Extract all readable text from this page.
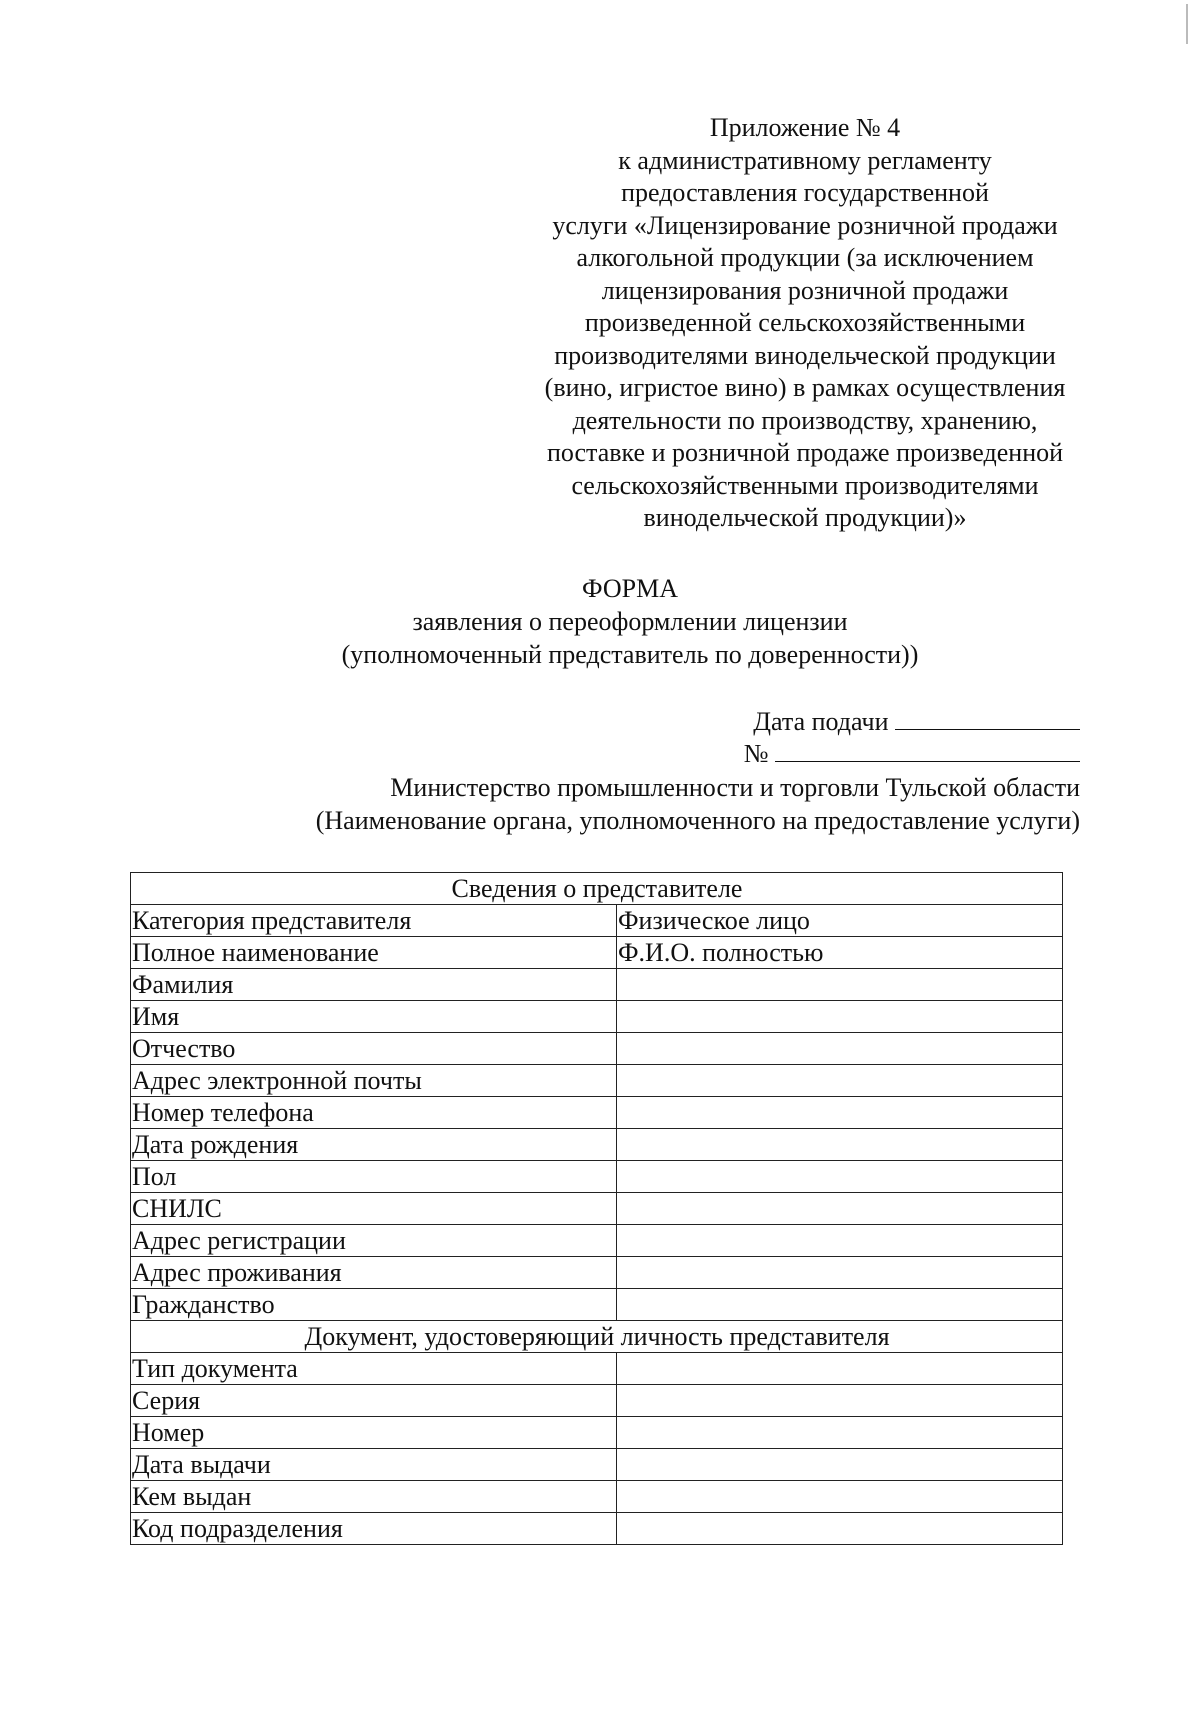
Приложение № 4
к административному регламенту
предоставления государственной
услуги «Лицензирование розничной продажи
алкогольной продукции (за исключением
лицензирования розничной продажи
произведенной сельскохозяйственными
производителями винодельческой продукции
(вино, игристое вино) в рамках осуществления
деятельности по производству, хранению,
поставке и розничной продаже произведенной
сельскохозяйственными производителями
винодельческой продукции)»
ФОРМА
заявления о переоформлении лицензии
(уполномоченный представитель по доверенности))
Дата подачи
№
Министерство промышленности и торговли Тульской области
(Наименование органа, уполномоченного на предоставление услуги)
Сведения о представителе	
Категория представителя	Физическое лицо
Полное наименование	Ф.И.О. полностью
Фамилия	
Имя	
Отчество	
Адрес электронной почты	
Номер телефона	
Дата рождения	
Пол	
СНИЛС	
Адрес регистрации	
Адрес проживания	
Гражданство	
Документ, удостоверяющий личность представителя	
Тип документа	
Серия	
Номер	
Дата выдачи	
Кем выдан	
Код подразделения	
